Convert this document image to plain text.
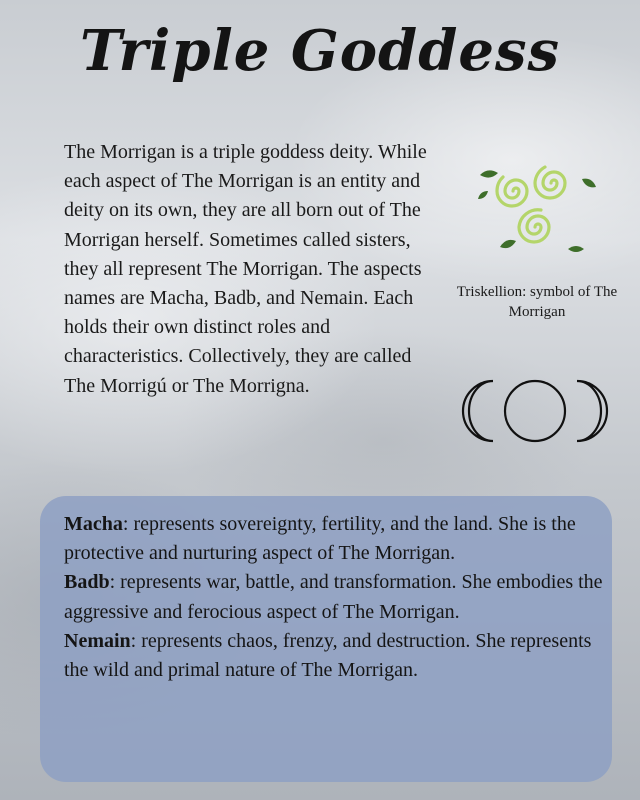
Triple Goddess
The Morrigan is a triple goddess deity. While each aspect of The Morrigan is an entity and deity on its own, they are all born out of The Morrigan herself. Sometimes called sisters, they all represent The Morrigan. The aspects names are Macha, Badb, and Nemain. Each holds their own distinct roles and characteristics. Collectively, they are called The Morrigú or The Morrigna.
Triskellion: symbol of The Morrigan

Macha: represents sovereignty, fertility, and the land. She is the protective and nurturing aspect of The Morrigan.

Badb: represents war, battle, and transformation. She embodies the aggressive and ferocious aspect of The Morrigan.

Nemain: represents chaos, frenzy, and destruction. She represents the wild and primal nature of The Morrigan.
